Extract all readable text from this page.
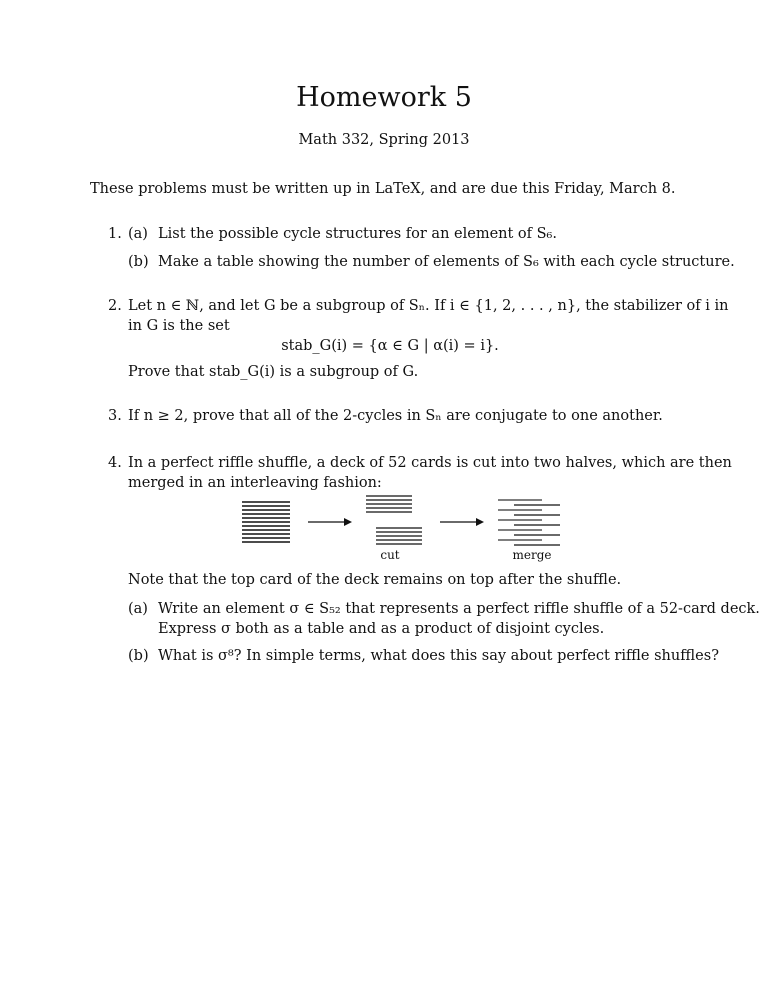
Homework 5
Math 332, Spring 2013
These problems must be written up in LaTeX, and are due this Friday, March 8.
1. (a) List the possible cycle structures for an element of S₆.
(b) Make a table showing the number of elements of S₆ with each cycle structure.
2. Let n ∈ ℕ, and let G be a subgroup of Sₙ. If i ∈ {1, 2, . . . , n}, the stabilizer of i in
in G is the set
stab_G(i) = {α ∈ G | α(i) = i}.
Prove that stab_G(i) is a subgroup of G.
3. If n ≥ 2, prove that all of the 2-cycles in Sₙ are conjugate to one another.
4. In a perfect riffle shuffle, a deck of 52 cards is cut into two halves, which are then
merged in an interleaving fashion:
cut	merge
Note that the top card of the deck remains on top after the shuffle.
(a) Write an element σ ∈ S₅₂ that represents a perfect riffle shuffle of a 52-card deck.
Express σ both as a table and as a product of disjoint cycles.
(b) What is σ⁸? In simple terms, what does this say about perfect riffle shuffles?
